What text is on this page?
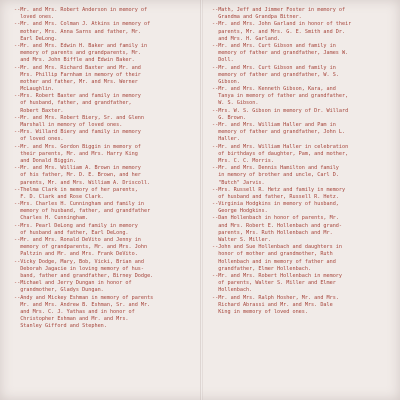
--Mr. and Mrs. Robert Anderson in memory of
loved ones.
--Mr. and Mrs. Colman J. Atkins in memory of
mother, Mrs. Anna Sarns and father, Mr.
Earl DeLong.
--Mr. and Mrs. Edwin H. Baker and family in
memory of parents and grandparents, Mr.
and Mrs. John Biffle and Edwin Baker.
--Mr. and Mrs. Richard Baxter and Mr. and
Mrs. Phillip Farnham in memory of their
mother and father, Mr. and Mrs. Werner
McLaughlin.
--Mrs. Robert Baxter and family in memory
of husband, father, and grandfather,
Robert Baxter.
--Mr. and Mrs. Robert Biery, Sr. and Glenn
Marshall in memory of loved ones.
--Mrs. Willard Biery and family in memory
of loved ones.
--Mr. and Mrs. Gordon Biggin in memory of
their parents, Mr. and Mrs. Harry King
and Donald Biggin.
--Mr. and Mrs. William A. Brown in memory
of his father, Mr. D. E. Brown, and her
parents, Mr. and Mrs. William A. Driscoll.
--Thelma Clark in memory of her parents,
F. D. Clark and Rose Clark.
--Mrs. Charles H. Cunningham and family in
memory of husband, father, and grandfather
Charles H. Cunningham.
--Mrs. Pearl DeLong and family in memory
of husband and father, Earl DeLong.
--Mr. and Mrs. Ronald DeVito and Jenny in
memory of grandparents, Mr. and Mrs. John
Paltzin and Mr. and Mrs. Frank DeVito.
--Vicky Dodge, Mary, Bob, Vicki, Brian and
Deborah Jagacie in loving memory of hus-
band, father and grandfather, Birney Dodge.
--Michael and Jerry Dungan in honor of
grandmother, Gladys Dungan.
--Andy and Mickey Eshman in memory of parents
Mr. and Mrs. Andrew B. Eshman, Sr. and Mr.
and Mrs. C. J. Yathas and in honor of
Christopher Eshman and Mr. and Mrs.
Stanley Gifford and Stephen.
--Math, Jeff and Jimmer Foster in memory of
Grandma and Grandpa Bitner.
--Mr. and Mrs. John Garland in honor of their
parents, Mr. and Mrs. G. E. Smith and Dr.
and Mrs. H. Garland.
--Mr. and Mrs. Curt Gibson and family in
memory of father and grandfather, James W.
Doll.
--Mr. and Mrs. Curt Gibson and family in
memory of father and grandfather, W. S.
Gibson.
--Mr. and Mrs. Kenneth Gibson, Kara, and
Tanya in memory of father and grandfather,
W. S. Gibson.
--Mrs. W. S. Gibson in memory of Dr. Willard
G. Brown.
--Mr. and Mrs. William Haller and Pam in
memory of father and grandfather, John L.
Haller.
--Mr. and Mrs. William Haller in celebration
of birthdays of daughter, Pam, and mother,
Mrs. C. C. Morris.
--Mr. and Mrs. Dennis Hamilton and family
in memory of brother and uncle, Carl D.
"Butch" Jarvis.
--Mrs. Russell R. Hetz and family in memory
of husband and father, Russell R. Hetz.
--Virginia Hodgkins in memory of husband,
George Hodgkins.
--Dan Hollenbach in honor of parents, Mr.
and Mrs. Robert E. Hollenbach and grand-
parents, Mrs. Ruth Hollenbach and Mr.
Walter S. Miller.
--John and Sue Hollenbach and daughters in
honor of mother and grandmother, Ruth
Hollenbach and in memory of father and
grandfather, Elmer Hollenbach.
--Mr. and Mrs. Robert Hollenbach in memory
of parents, Walter S. Miller and Elmer
Hollenbach.
--Mr. and Mrs. Ralph Hosher, Mr. and Mrs.
Richard Abrassi and Mr. and Mrs. Dale
King in memory of loved ones.
